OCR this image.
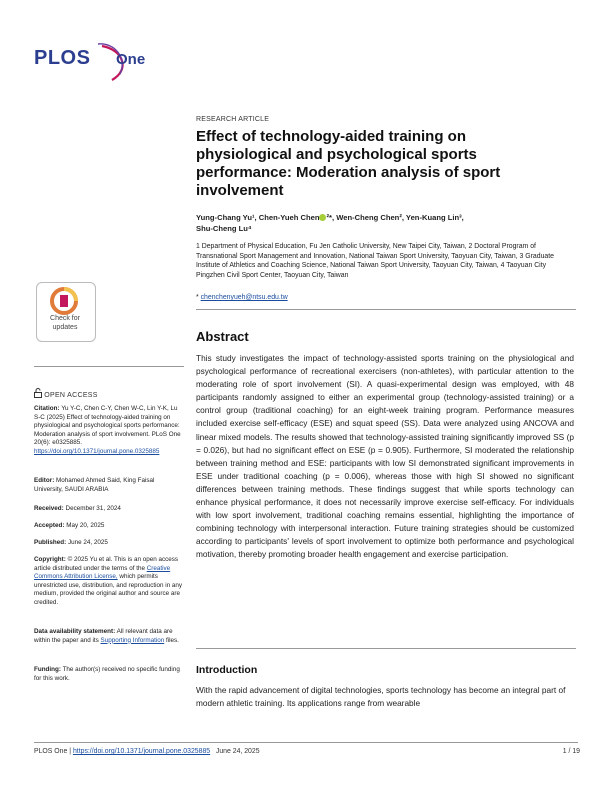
PLOS One
RESEARCH ARTICLE
Effect of technology-aided training on physiological and psychological sports performance: Moderation analysis of sport involvement
Yung-Chang Yu¹, Chen-Yueh Chen ²*, Wen-Cheng Chen², Yen-Kuang Lin³,
Shu-Cheng Lu⁴
1 Department of Physical Education, Fu Jen Catholic University, New Taipei City, Taiwan, 2 Doctoral Program of Transnational Sport Management and Innovation, National Taiwan Sport University, Taoyuan City, Taiwan, 3 Graduate Institute of Athletics and Coaching Science, National Taiwan Sport University, Taoyuan City, Taiwan, 4 Taoyuan City Pingzhen Civil Sport Center, Taoyuan City, Taiwan
* chenchenyueh@ntsu.edu.tw
Check for
updates
OPEN ACCESS
Citation: Yu Y-C, Chen C-Y, Chen W-C, Lin Y-K, Lu S-C (2025) Effect of technology-aided training on physiological and psychological sports performance: Moderation analysis of sport involvement. PLoS One 20(6): e0325885. https://doi.org/10.1371/journal.pone.0325885
Editor: Mohamed Ahmed Said, King Faisal University, SAUDI ARABIA
Received: December 31, 2024
Accepted: May 20, 2025
Published: June 24, 2025
Copyright: © 2025 Yu et al. This is an open access article distributed under the terms of the Creative Commons Attribution License, which permits unrestricted use, distribution, and reproduction in any medium, provided the original author and source are credited.
Data availability statement: All relevant data are within the paper and its Supporting Information files.
Funding: The author(s) received no specific funding for this work.
Abstract

This study investigates the impact of technology-assisted sports training on the physiological and psychological performance of recreational exercisers (non-athletes), with particular attention to the moderating role of sport involvement (SI). A quasi-experimental design was employed, with 48 participants randomly assigned to either an experimental group (technology-assisted training) or a control group (traditional coaching) for an eight-week training program. Performance measures included exercise self-efficacy (ESE) and squat speed (SS). Data were analyzed using ANCOVA and linear mixed models. The results showed that technology-assisted training significantly improved SS (p = 0.026), but had no significant effect on ESE (p = 0.905). Furthermore, SI moderated the relationship between training method and ESE: participants with low SI demonstrated significant improvements in ESE under traditional coaching (p = 0.006), whereas those with high SI showed no significant differences between training methods. These findings suggest that while sports technology can enhance physical performance, it does not necessarily improve exercise self-efficacy. For individuals with low sport involvement, traditional coaching remains essential, highlighting the importance of combining technology with interpersonal interaction. Future training strategies should be customized according to participants' levels of sport involvement to optimize both performance and psychological motivation, thereby promoting broader health engagement and exercise participation.

Introduction

With the rapid advancement of digital technologies, sports technology has become an integral part of modern athletic training. Its applications range from wearable

PLOS One | https://doi.org/10.1371/journal.pone.0325885 June 24, 2025	1 / 19
